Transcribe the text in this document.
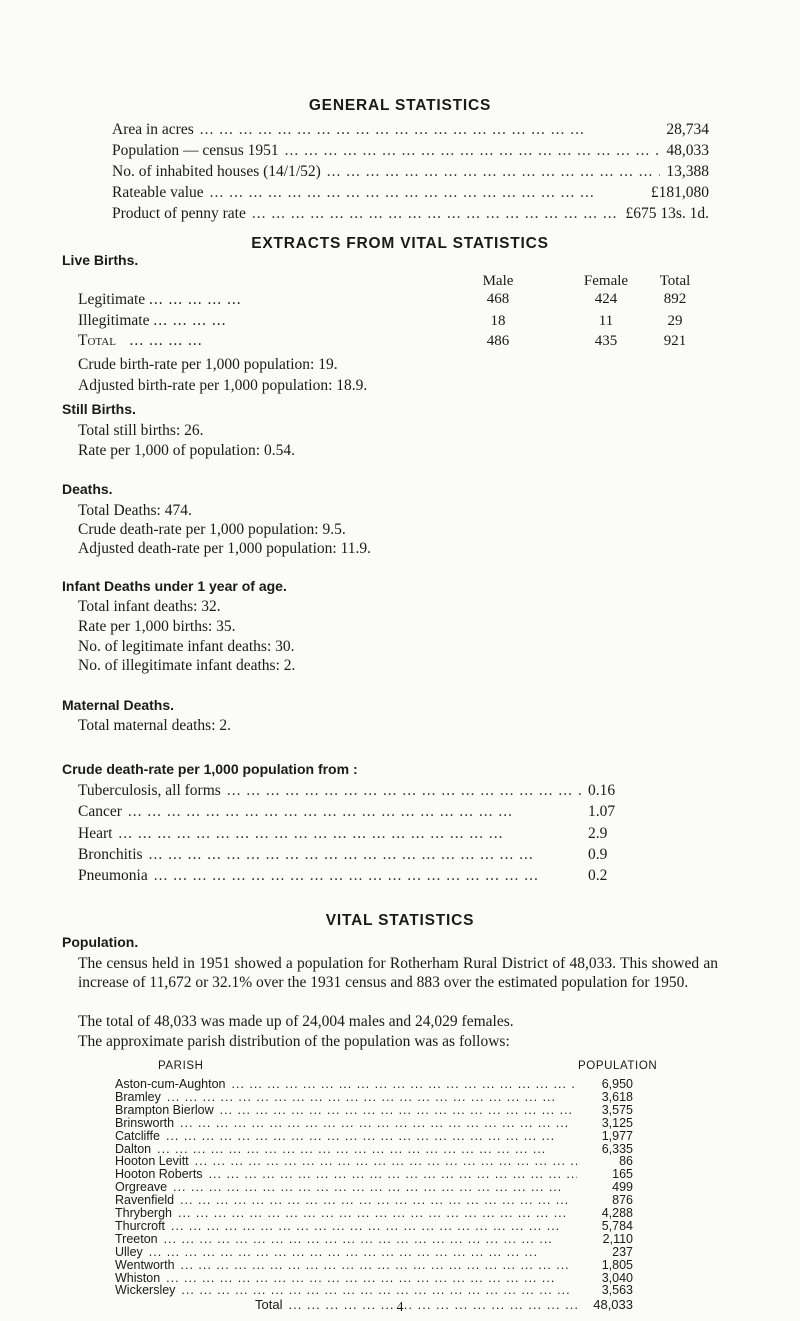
GENERAL STATISTICS
Area in acres ... .	28,734
Population — census 1951 ... .	48,033
No. of inhabited houses (14/1/52) ... .	13,388
Rateable value ... .	£181,080
Product of penny rate ... .	£675 13s. 1d.
EXTRACTS FROM VITAL STATISTICS
Live Births.
Male	Female	Total
Legitimate ... ... ... ... ...	468	424	892
Illegitimate ... ... ... ...	18	11	29
Total   ... ... ... ...	486	435	921
Crude birth-rate per 1,000 population: 19.
Adjusted birth-rate per 1,000 population: 18.9.
Still Births.
Total still births: 26.
Rate per 1,000 of population: 0.54.
Deaths.
Total Deaths: 474.
Crude death-rate per 1,000 population: 9.5.
Adjusted death-rate per 1,000 population: 11.9.
Infant Deaths under 1 year of age.
Total infant deaths: 32.
Rate per 1,000 births: 35.
No. of legitimate infant deaths: 30.
No. of illegitimate infant deaths: 2.
Maternal Deaths.
Total maternal deaths: 2.
Crude death-rate per 1,000 population from :
Tuberculosis, all forms ... .	0.16
Cancer ... .	1.07
Heart ... .	2.9
Bronchitis ... .	0.9
Pneumonia ... .	0.2
VITAL STATISTICS
Population.
The census held in 1951 showed a population for Rotherham Rural District of 48,033. This showed an increase of 11,672 or 32.1% over the 1931 census and 883 over the estimated population for 1950.
The total of 48,033 was made up of 24,004 males and 24,029 females.
The approximate parish distribution of the population was as follows:
PARISH	POPULATION
Aston-cum-Aughton ... .	6,950
Bramley ... .	3,618
Brampton Bierlow ... .	3,575
Brinsworth ... .	3,125
Catcliffe ... .	1,977
Dalton ... .	6,335
Hooton Levitt ... .	86
Hooton Roberts ... .	165
Orgreave ... .	499
Ravenfield ... .	876
Thrybergh ... .	4,288
Thurcroft ... .	5,784
Treeton ... .	2,110
Ulley ... .	237
Wentworth ... .	1,805
Whiston ... .	3,040
Wickersley ... .	3,563
Total ... .	48,033
4
